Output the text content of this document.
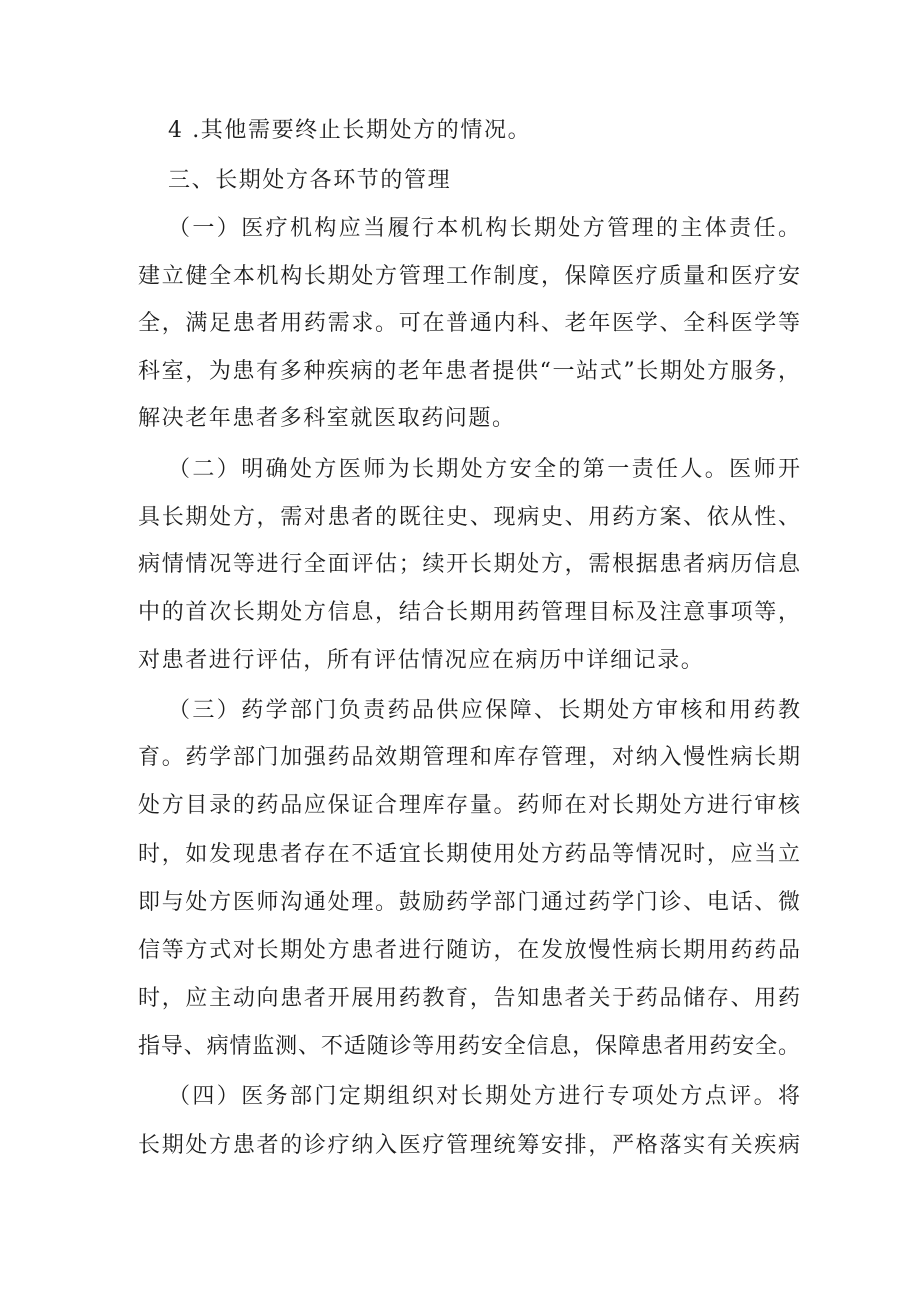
4 .其他需要终止长期处方的情况。
三、长期处方各环节的管理
（一）医疗机构应当履行本机构长期处方管理的主体责任。
建立健全本机构长期处方管理工作制度，保障医疗质量和医疗安
全，满足患者用药需求。可在普通内科、老年医学、全科医学等
科室，为患有多种疾病的老年患者提供“一站式”长期处方服务，
解决老年患者多科室就医取药问题。
（二）明确处方医师为长期处方安全的第一责任人。医师开
具长期处方，需对患者的既往史、现病史、用药方案、依从性、
病情情况等进行全面评估；续开长期处方，需根据患者病历信息
中的首次长期处方信息，结合长期用药管理目标及注意事项等，
对患者进行评估，所有评估情况应在病历中详细记录。
（三）药学部门负责药品供应保障、长期处方审核和用药教
育。药学部门加强药品效期管理和库存管理，对纳入慢性病长期
处方目录的药品应保证合理库存量。药师在对长期处方进行审核
时，如发现患者存在不适宜长期使用处方药品等情况时，应当立
即与处方医师沟通处理。鼓励药学部门通过药学门诊、电话、微
信等方式对长期处方患者进行随访，在发放慢性病长期用药药品
时，应主动向患者开展用药教育，告知患者关于药品储存、用药
指导、病情监测、不适随诊等用药安全信息，保障患者用药安全。
（四）医务部门定期组织对长期处方进行专项处方点评。将
长期处方患者的诊疗纳入医疗管理统筹安排，严格落实有关疾病
